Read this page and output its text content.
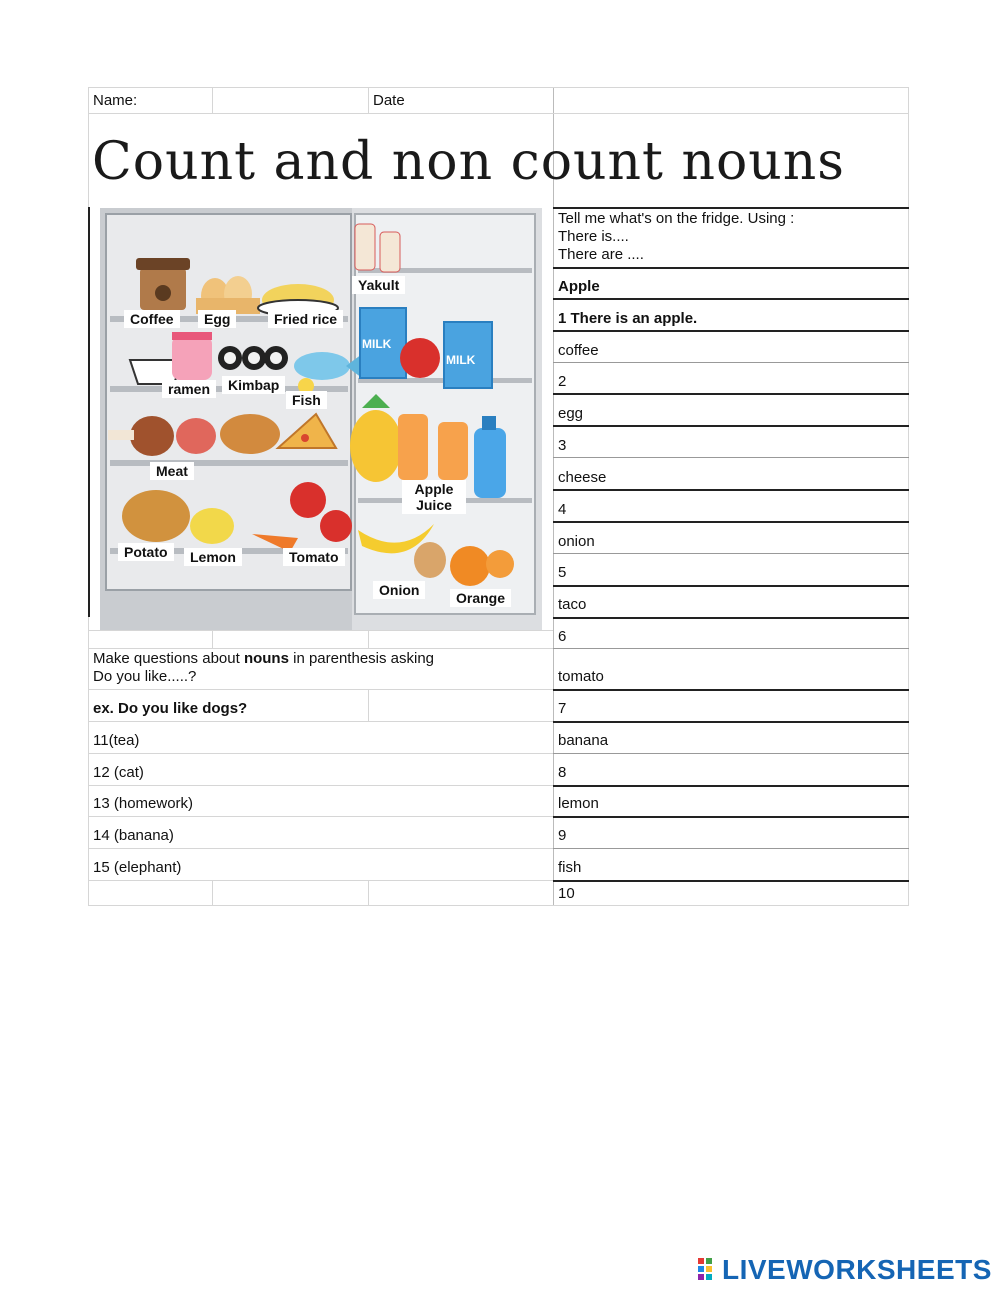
Name:	Date
Count and non count nouns
MILK
MILK
Yakult
Coffee	Egg	Fried rice
ramen	Kimbap
Fish
Meat
Apple Juice
Potato	Lemon	Tomato
Onion	Orange
Tell me what's on the fridge. Using :
There is....
There are ....
Apple
1 There is an apple.
coffee
2
egg
3
cheese
4
onion
5
taco
6
tomato
7
banana
8
lemon
9
fish
10
Make questions about nouns in parenthesis asking
Do you like.....?
ex. Do you like dogs?
11(tea)
12 (cat)
13 (homework)
14 (banana)
15 (elephant)
LIVEWORKSHEETS
